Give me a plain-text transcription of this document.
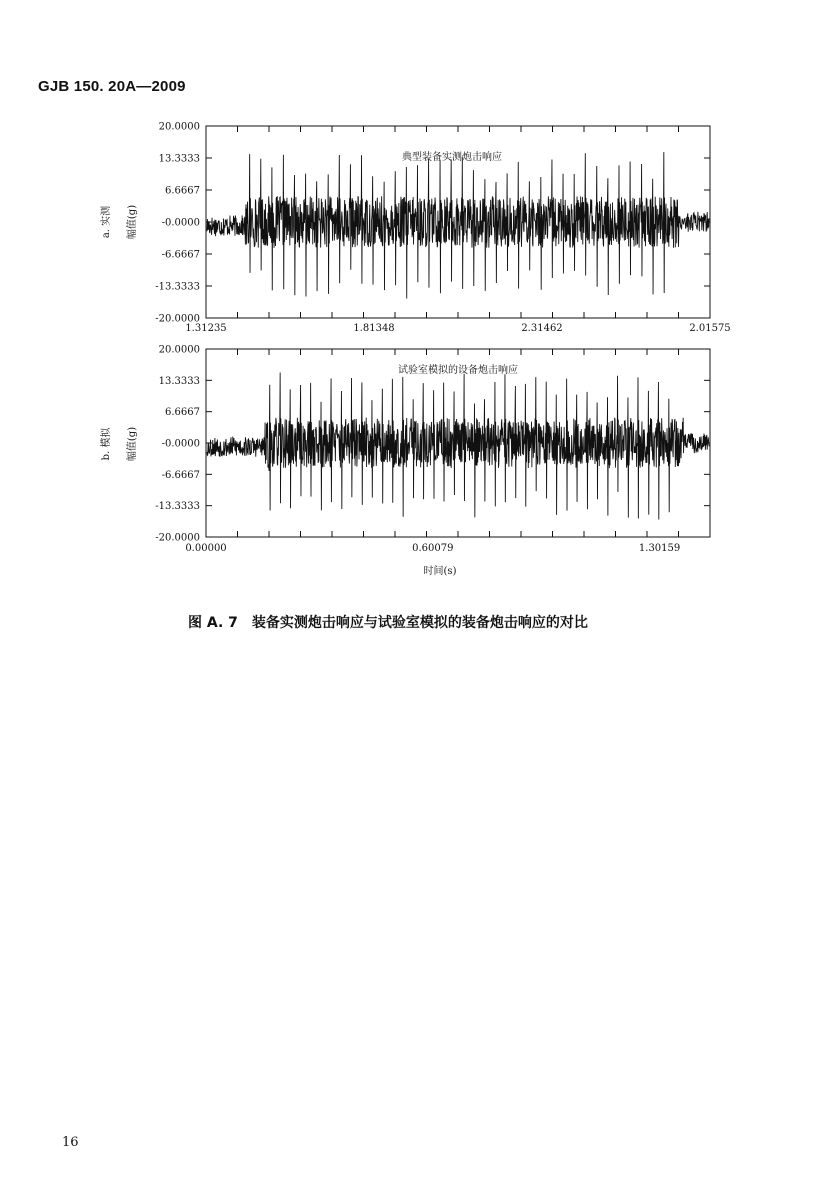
GJB 150. 20A—2009
20.0000
13.3333
6.6667
-0.0000
-6.6667
-13.3333
-20.0000
1.31235	1.81348	2.31462	2.01575
典型装备实测炮击响应
a. 实测 幅值(g)
20.0000
13.3333
6.6667
-0.0000
-6.6667
-13.3333
-20.0000
0.00000	0.60079	1.30159
试验室模拟的设备炮击响应
b. 模拟 幅值(g)
时间(s)
图 A. 7 装备实测炮击响应与试验室模拟的装备炮击响应的对比
16
